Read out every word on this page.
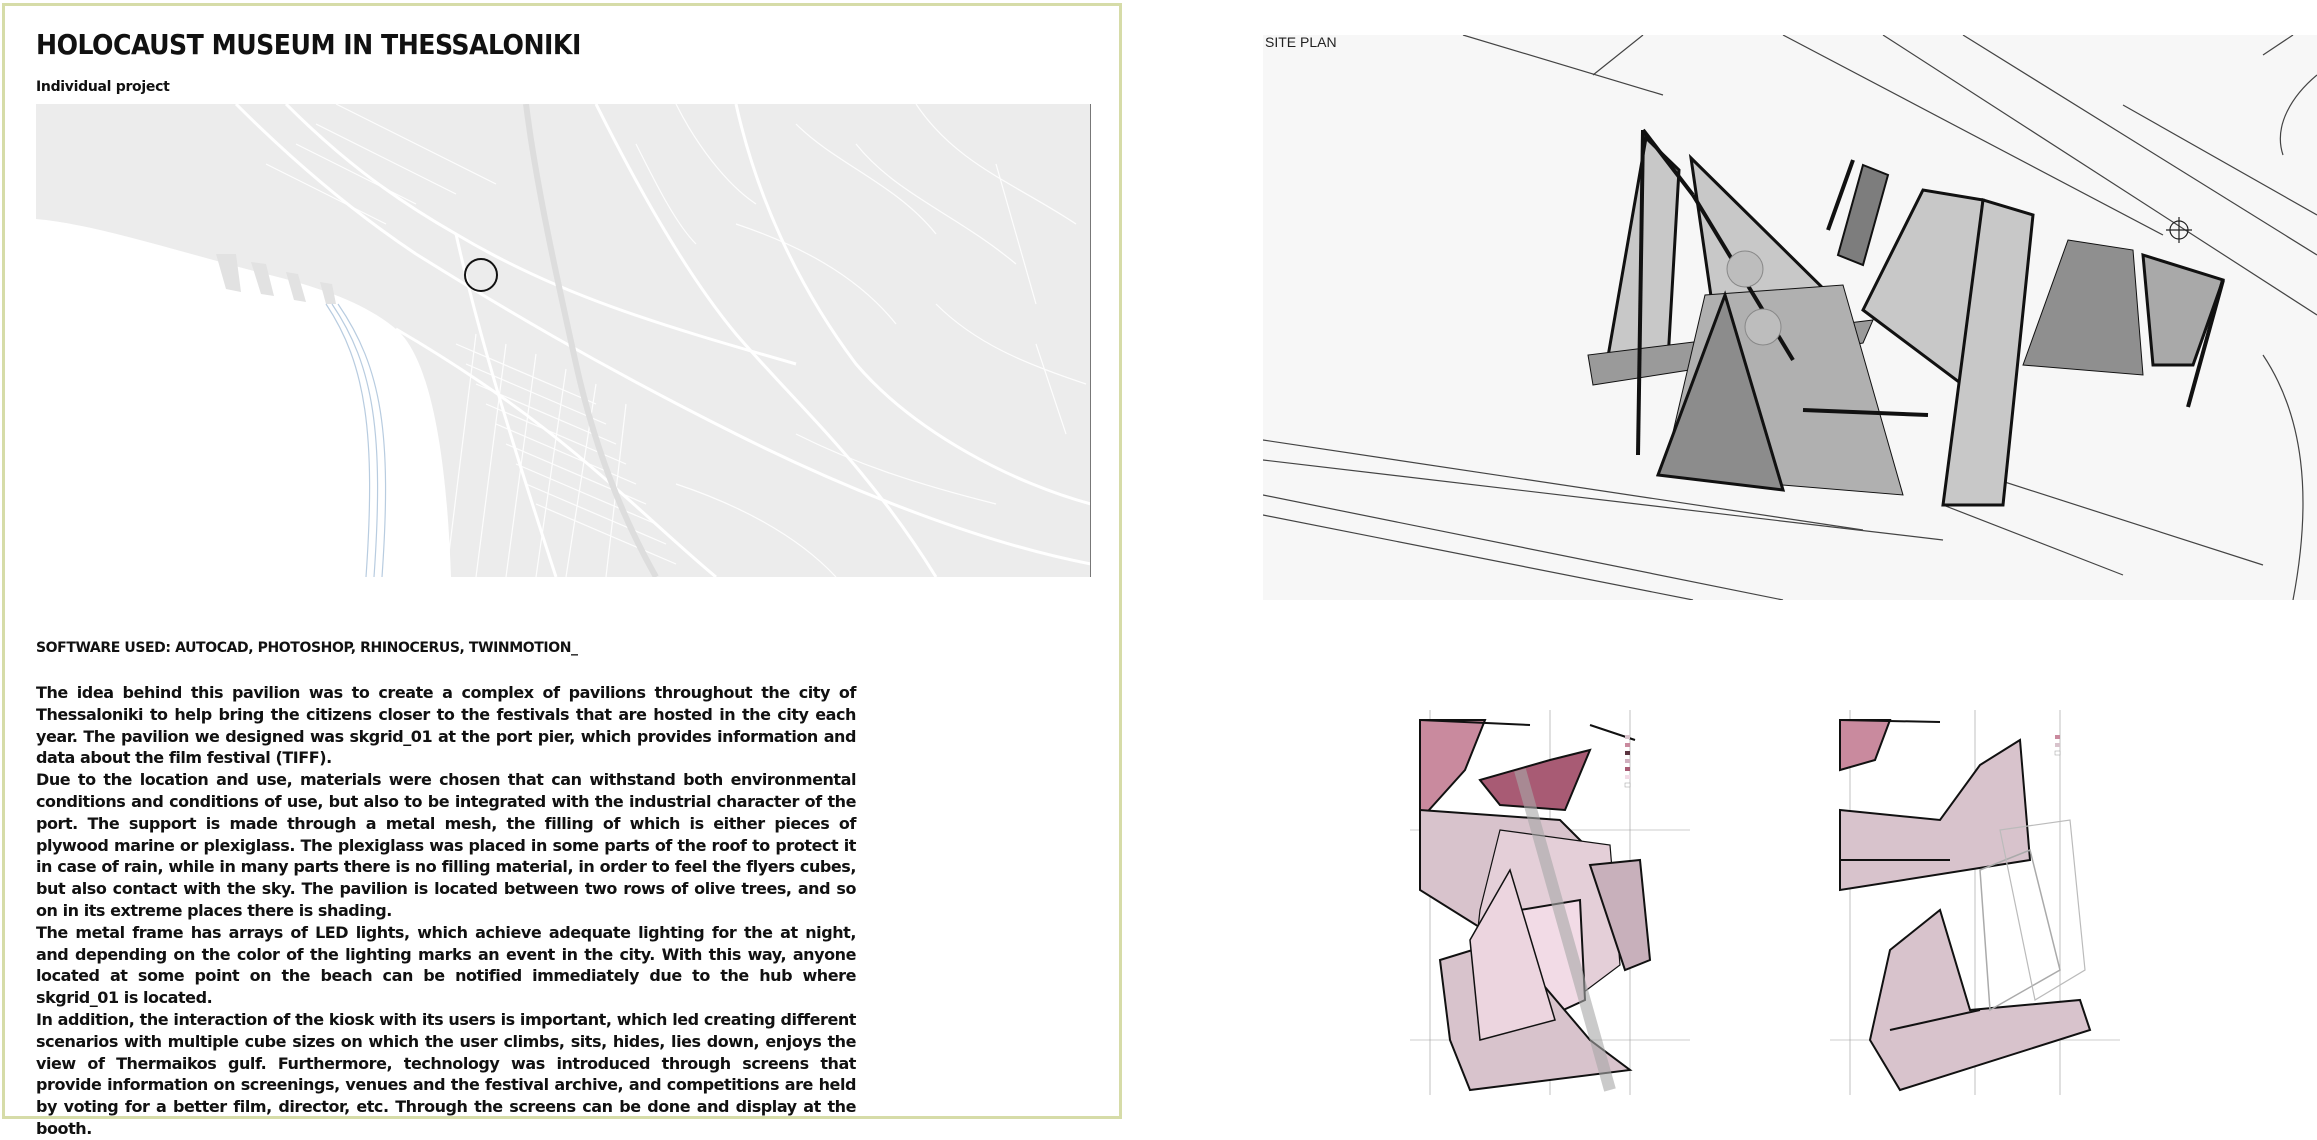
HOLOCAUST MUSEUM IN THESSALONIKI
Individual project
SOFTWARE USED: AUTOCAD, PHOTOSHOP, RHINOCERUS, TWINMOTION_

The idea behind this pavilion was to create a complex of pavilions throughout the city of Thessaloniki to help bring the citizens closer to the festivals that are hosted in the city each year. The pavilion we designed was skgrid_01 at the port pier, which provides information and data about the film festival (TIFF).

Due to the location and use, materials were chosen that can withstand both environmental conditions and conditions of use, but also to be integrated with the industrial character of the port. The support is made through a metal mesh, the filling of which is either pieces of plywood marine or plexiglass. The plexiglass was placed in some parts of the roof to protect it in case of rain, while in many parts there is no filling material, in order to feel the flyers cubes, but also contact with the sky. The pavilion is located between two rows of olive trees, and so on in its extreme places there is shading.

The metal frame has arrays of LED lights, which achieve adequate lighting for the at night, and depending on the color of the lighting marks an event in the city. With this way, anyone located at some point on the beach can be notified immediately due to the hub where skgrid_01 is located.

In addition, the interaction of the kiosk with its users is important, which led creating different scenarios with multiple cube sizes on which the user climbs, sits, hides, lies down, enjoys the view of Thermaikos gulf. Furthermore, technology was introduced through screens that provide information on screenings, venues and the festival archive, and competitions are held by voting for a better film, director, etc. Through the screens can be done and display at the booth.

SITE PLAN
